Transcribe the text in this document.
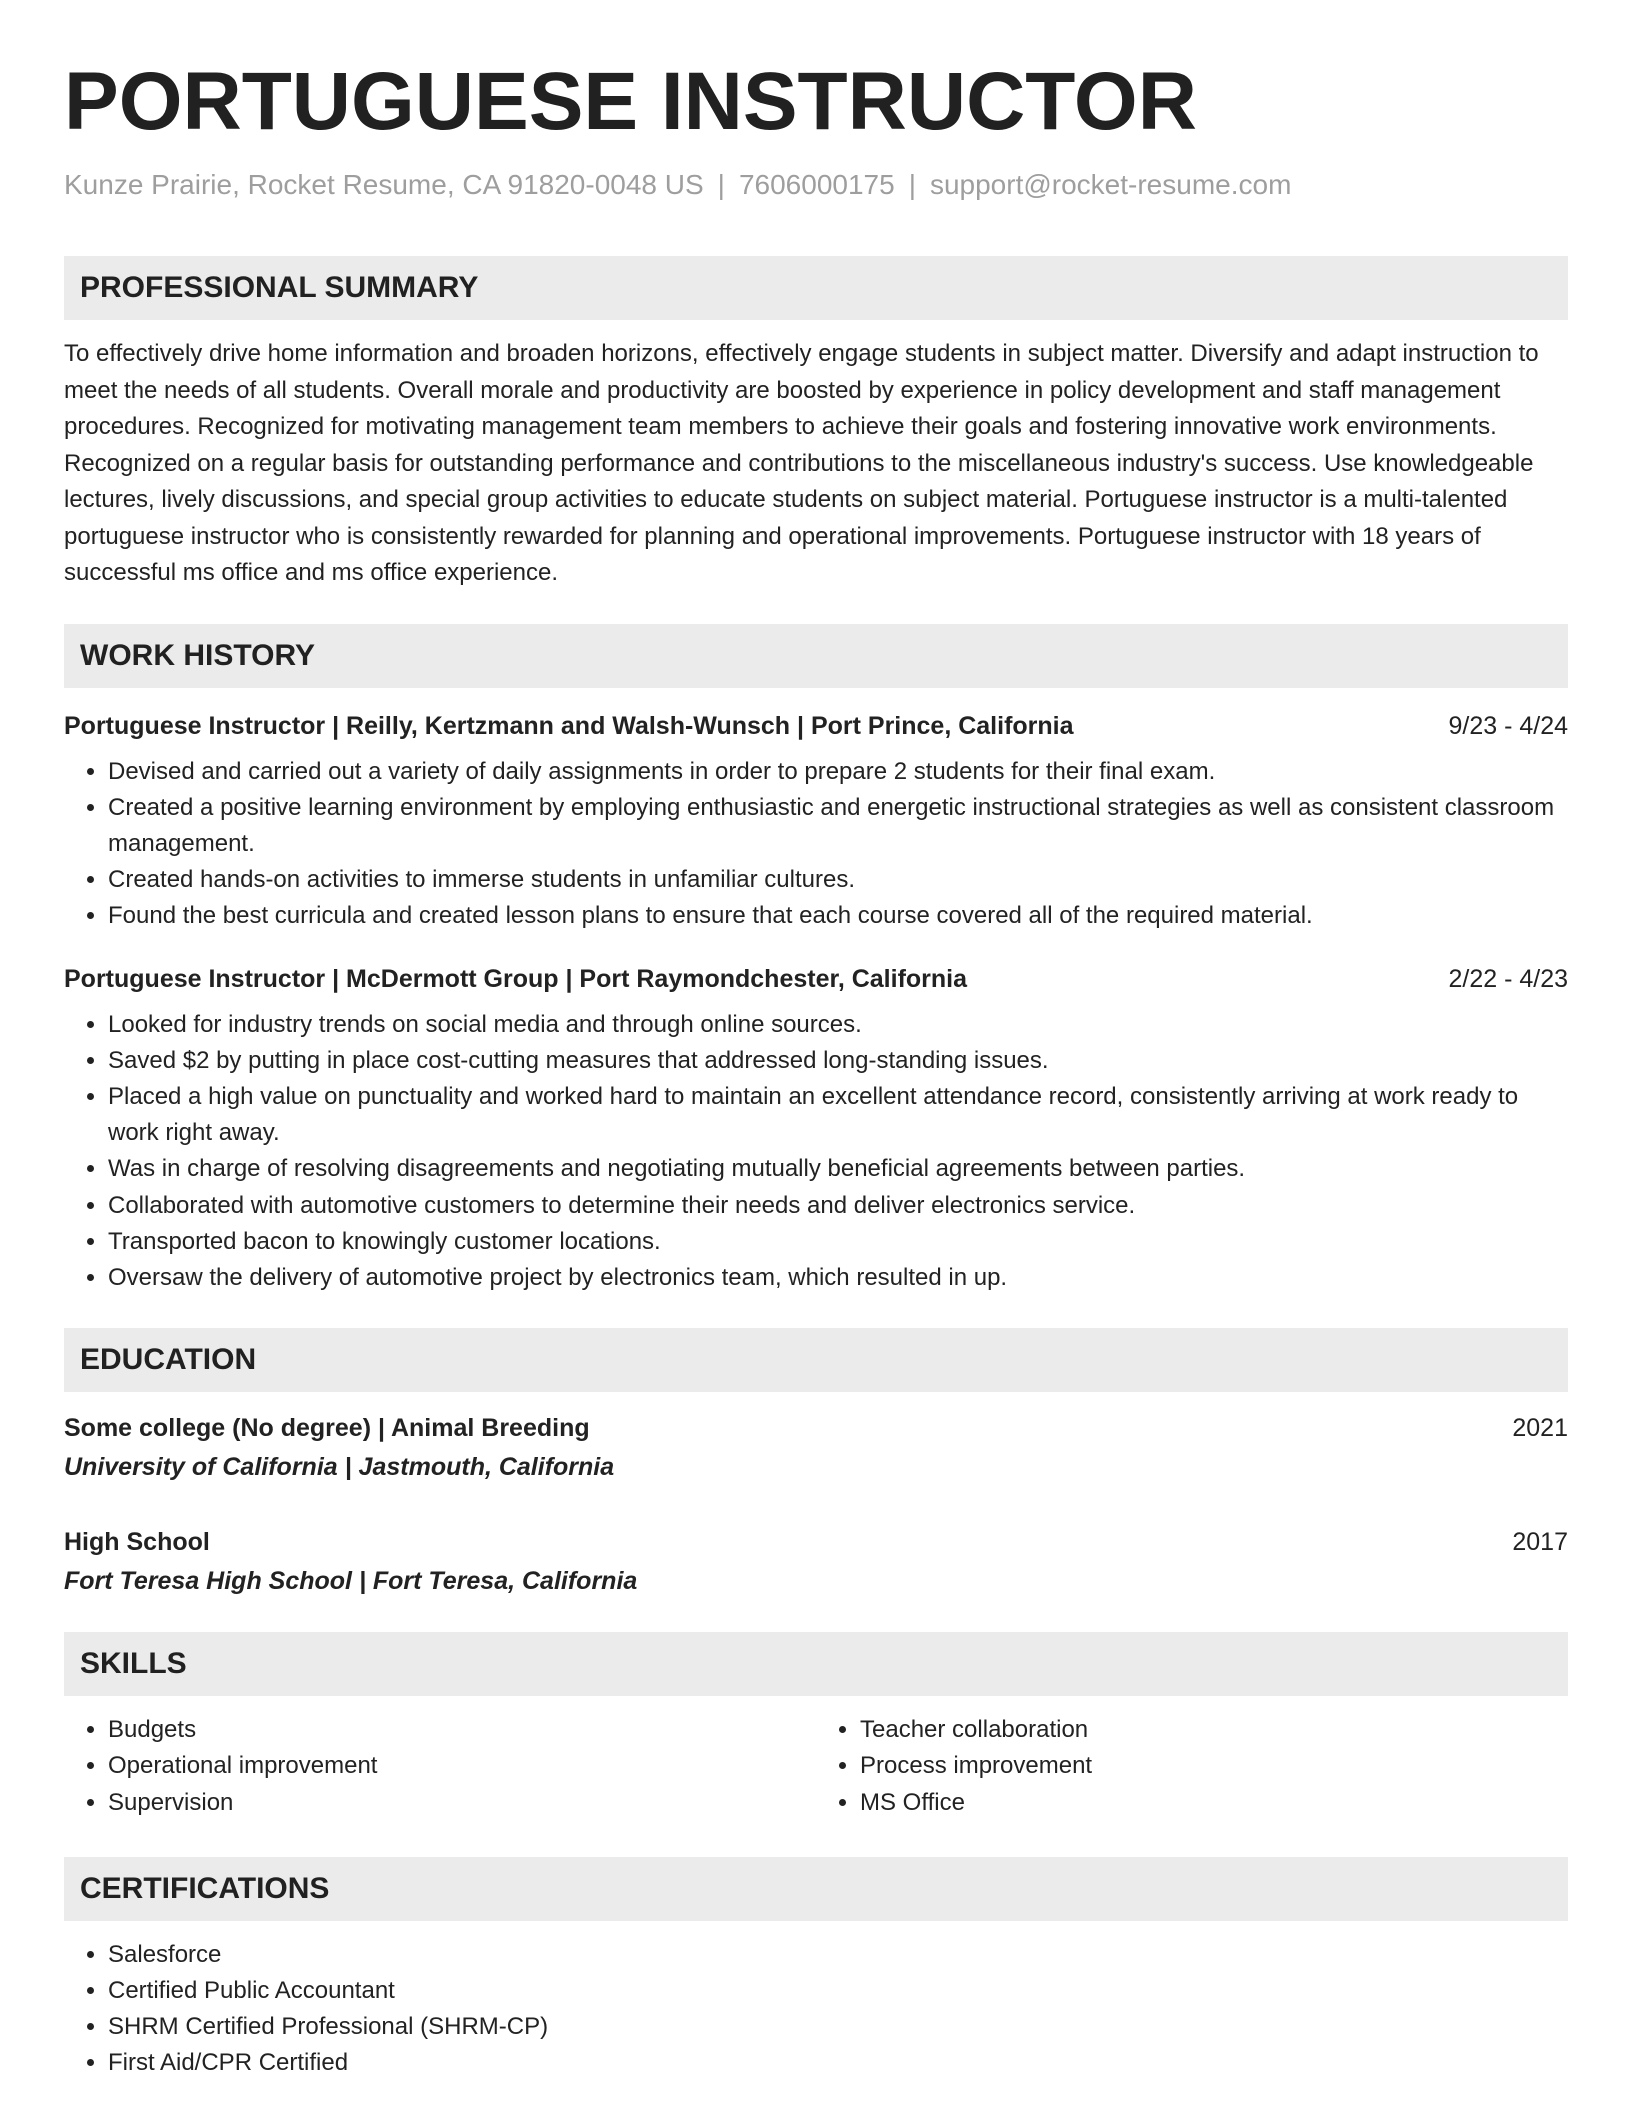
PORTUGUESE INSTRUCTOR
Kunze Prairie, Rocket Resume, CA 91820-0048 US | 7606000175 | support@rocket-resume.com
PROFESSIONAL SUMMARY
To effectively drive home information and broaden horizons, effectively engage students in subject matter. Diversify and adapt instruction to meet the needs of all students. Overall morale and productivity are boosted by experience in policy development and staff management procedures. Recognized for motivating management team members to achieve their goals and fostering innovative work environments. Recognized on a regular basis for outstanding performance and contributions to the miscellaneous industry's success. Use knowledgeable lectures, lively discussions, and special group activities to educate students on subject material. Portuguese instructor is a multi-talented portuguese instructor who is consistently rewarded for planning and operational improvements. Portuguese instructor with 18 years of successful ms office and ms office experience.
WORK HISTORY
Portuguese Instructor | Reilly, Kertzmann and Walsh-Wunsch | Port Prince, California	9/23 - 4/24
• Devised and carried out a variety of daily assignments in order to prepare 2 students for their final exam.
• Created a positive learning environment by employing enthusiastic and energetic instructional strategies as well as consistent classroom management.
• Created hands-on activities to immerse students in unfamiliar cultures.
• Found the best curricula and created lesson plans to ensure that each course covered all of the required material.
Portuguese Instructor | McDermott Group | Port Raymondchester, California	2/22 - 4/23
• Looked for industry trends on social media and through online sources.
• Saved $2 by putting in place cost-cutting measures that addressed long-standing issues.
• Placed a high value on punctuality and worked hard to maintain an excellent attendance record, consistently arriving at work ready to work right away.
• Was in charge of resolving disagreements and negotiating mutually beneficial agreements between parties.
• Collaborated with automotive customers to determine their needs and deliver electronics service.
• Transported bacon to knowingly customer locations.
• Oversaw the delivery of automotive project by electronics team, which resulted in up.
EDUCATION
Some college (No degree) | Animal Breeding	2021
University of California | Jastmouth, California
High School	2017
Fort Teresa High School | Fort Teresa, California
SKILLS
• Budgets
• Operational improvement
• Supervision
• Teacher collaboration
• Process improvement
• MS Office
CERTIFICATIONS
• Salesforce
• Certified Public Accountant
• SHRM Certified Professional (SHRM-CP)
• First Aid/CPR Certified
